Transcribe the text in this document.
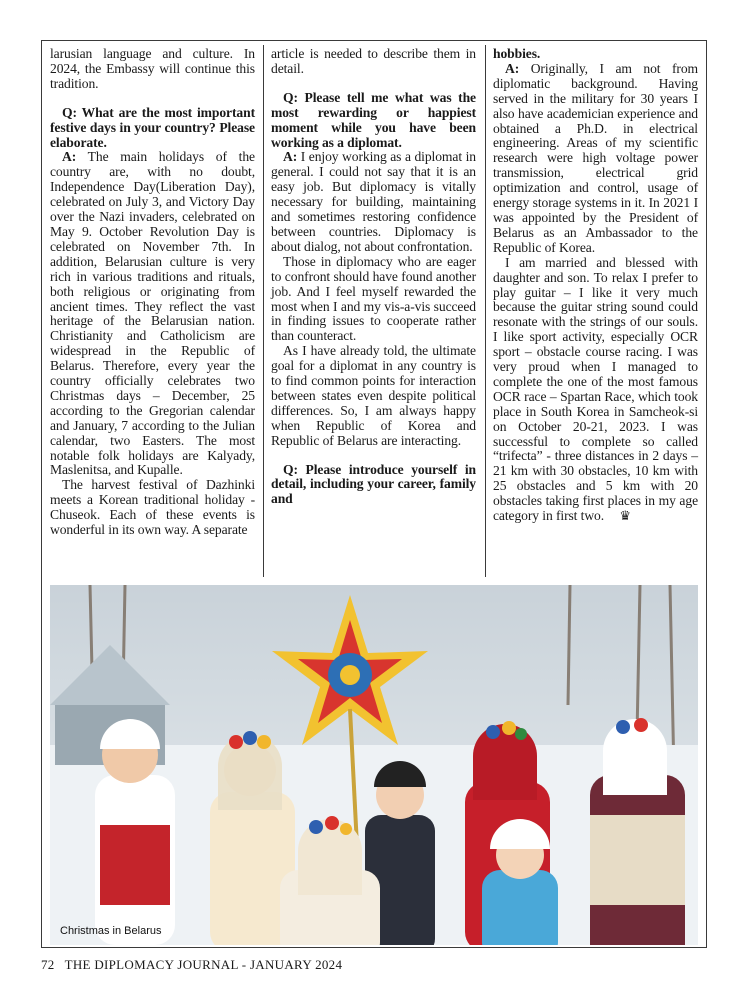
larusian language and culture. In 2024, the Embassy will continue this tradition.

Q: What are the most important festive days in your country? Please elaborate.

A: The main holidays of the country are, with no doubt, Independence Day(Liberation Day), celebrated on July 3, and Victory Day over the Nazi invaders, celebrated on May 9. October Revolution Day is celebrated on November 7th. In addition, Belarusian culture is very rich in various traditions and rituals, both religious or originating from ancient times. They reflect the vast heritage of the Belarusian nation. Christianity and Catholicism are widespread in the Republic of Belarus. Therefore, every year the country officially celebrates two Christmas days – December, 25 according to the Gregorian calendar and January, 7 according to the Julian calendar, two Easters. The most notable folk holidays are Kalyady, Maslenitsa, and Kupalle.

The harvest festival of Dazhinki meets a Korean traditional holiday - Chuseok. Each of these events is wonderful in its own way. A separate

article is needed to describe them in detail.

Q: Please tell me what was the most rewarding or happiest moment while you have been working as a diplomat.

A: I enjoy working as a diplomat in general. I could not say that it is an easy job. But diplomacy is vitally necessary for building, maintaining and sometimes restoring confidence between countries. Diplomacy is about dialog, not about confrontation.

Those in diplomacy who are eager to confront should have found another job. And I feel myself rewarded the most when I and my vis-a-vis succeed in finding issues to cooperate rather than counteract.

As I have already told, the ultimate goal for a diplomat in any country is to find common points for interaction between states even despite political differences. So, I am always happy when Republic of Korea and Republic of Belarus are interacting.

Q: Please introduce yourself in detail, including your career, family and

hobbies.

A: Originally, I am not from diplomatic background. Having served in the military for 30 years I also have academician experience and obtained a Ph.D. in electrical engineering. Areas of my scientific research were high voltage power transmission, electrical grid optimization and control, usage of energy storage systems in it. In 2021 I was appointed by the President of Belarus as an Ambassador to the Republic of Korea.

I am married and blessed with daughter and son. To relax I prefer to play guitar – I like it very much because the guitar string sound could resonate with the strings of our souls. I like sport activity, especially OCR sport – obstacle course racing. I was very proud when I managed to complete the one of the most famous OCR race – Spartan Race, which took place in South Korea in Samcheok-si on October 20-21, 2023. I was successful to complete so called “trifecta” - three distances in 2 days – 21 km with 30 obstacles, 10 km with 25 obstacles and 5 km with 20 obstacles taking first places in my age category in first two. ♛

Christmas in Belarus
72 THE DIPLOMACY JOURNAL - JANUARY 2024
